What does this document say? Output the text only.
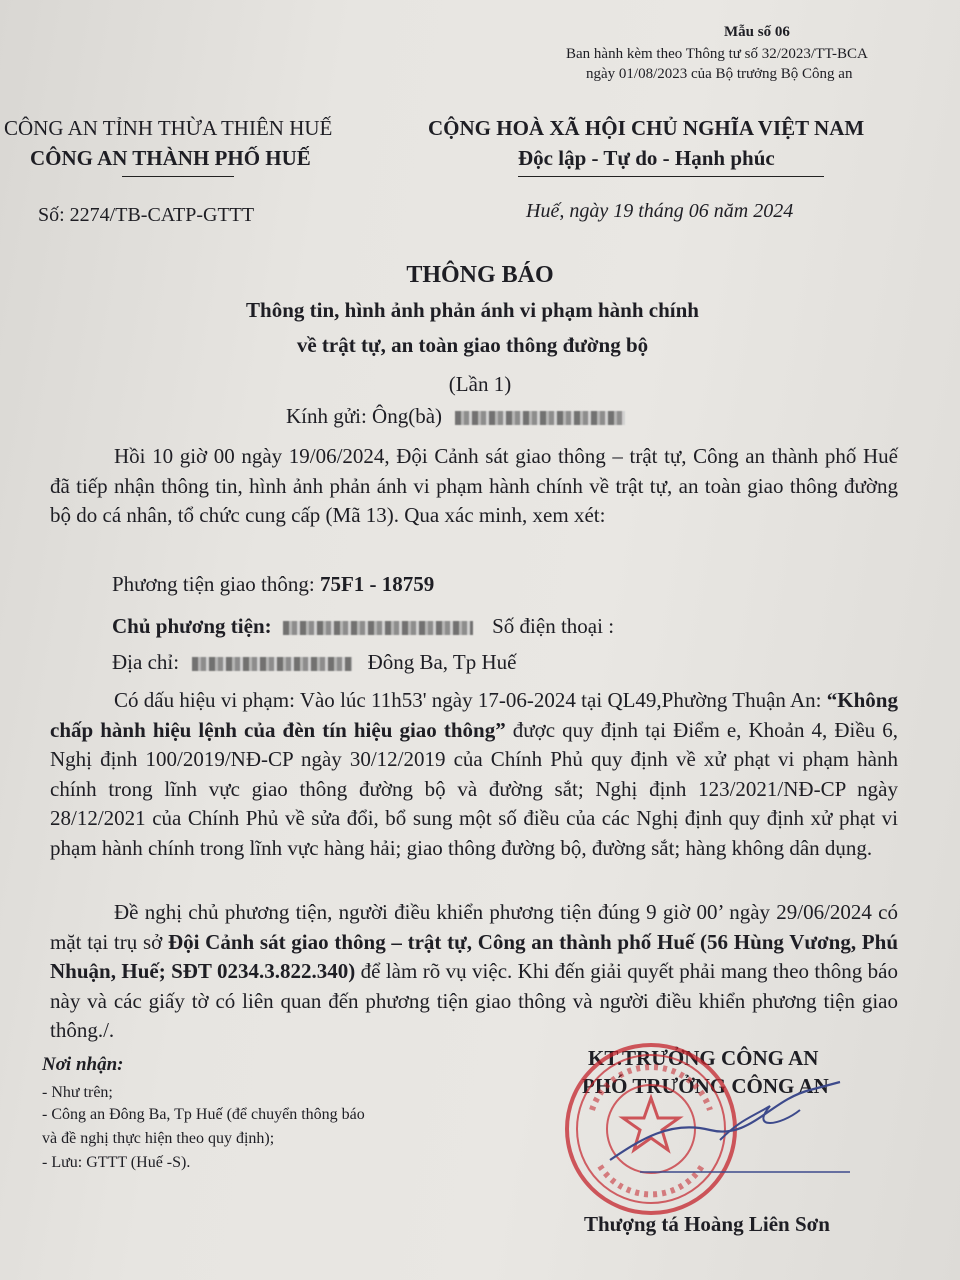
Mẫu số 06
Ban hành kèm theo Thông tư số 32/2023/TT-BCA
ngày 01/08/2023 của Bộ trưởng Bộ Công an
CÔNG AN TỈNH THỪA THIÊN HUẾ
CÔNG AN THÀNH PHỐ HUẾ
CỘNG HOÀ XÃ HỘI CHỦ NGHĨA VIỆT NAM
Độc lập - Tự do - Hạnh phúc
Số: 2274/TB-CATP-GTTT	Huế, ngày 19 tháng 06 năm 2024
THÔNG BÁO
Thông tin, hình ảnh phản ánh vi phạm hành chính
về trật tự, an toàn giao thông đường bộ
(Lần 1)
Kính gửi: Ông(bà)
Hồi 10 giờ 00 ngày 19/06/2024, Đội Cảnh sát giao thông – trật tự, Công an thành phố Huế đã tiếp nhận thông tin, hình ảnh phản ánh vi phạm hành chính về trật tự, an toàn giao thông đường bộ do cá nhân, tổ chức cung cấp (Mã 13). Qua xác minh, xem xét:
Phương tiện giao thông: 75F1 - 18759
Chủ phương tiện:	Số điện thoại :
Địa chỉ:	Đông Ba, Tp Huế
Có dấu hiệu vi phạm: Vào lúc 11h53' ngày 17-06-2024 tại QL49,Phường Thuận An: “Không chấp hành hiệu lệnh của đèn tín hiệu giao thông” được quy định tại Điểm e, Khoản 4, Điều 6, Nghị định 100/2019/NĐ-CP ngày 30/12/2019 của Chính Phủ quy định về xử phạt vi phạm hành chính trong lĩnh vực giao thông đường bộ và đường sắt; Nghị định 123/2021/NĐ-CP ngày 28/12/2021 của Chính Phủ về sửa đổi, bổ sung một số điều của các Nghị định quy định xử phạt vi phạm hành chính trong lĩnh vực hàng hải; giao thông đường bộ, đường sắt; hàng không dân dụng.
Đề nghị chủ phương tiện, người điều khiển phương tiện đúng 9 giờ 00’ ngày 29/06/2024 có mặt tại trụ sở Đội Cảnh sát giao thông – trật tự, Công an thành phố Huế (56 Hùng Vương, Phú Nhuận, Huế; SĐT 0234.3.822.340) để làm rõ vụ việc. Khi đến giải quyết phải mang theo thông báo này và các giấy tờ có liên quan đến phương tiện giao thông và người điều khiển phương tiện giao thông./.
Nơi nhận:
- Như trên;
- Công an Đông Ba, Tp Huế (để chuyển thông báo
và đề nghị thực hiện theo quy định);
- Lưu: GTTT (Huế -S).
KT.TRƯỞNG CÔNG AN
PHÓ TRƯỞNG CÔNG AN
Thượng tá Hoàng Liên Sơn
